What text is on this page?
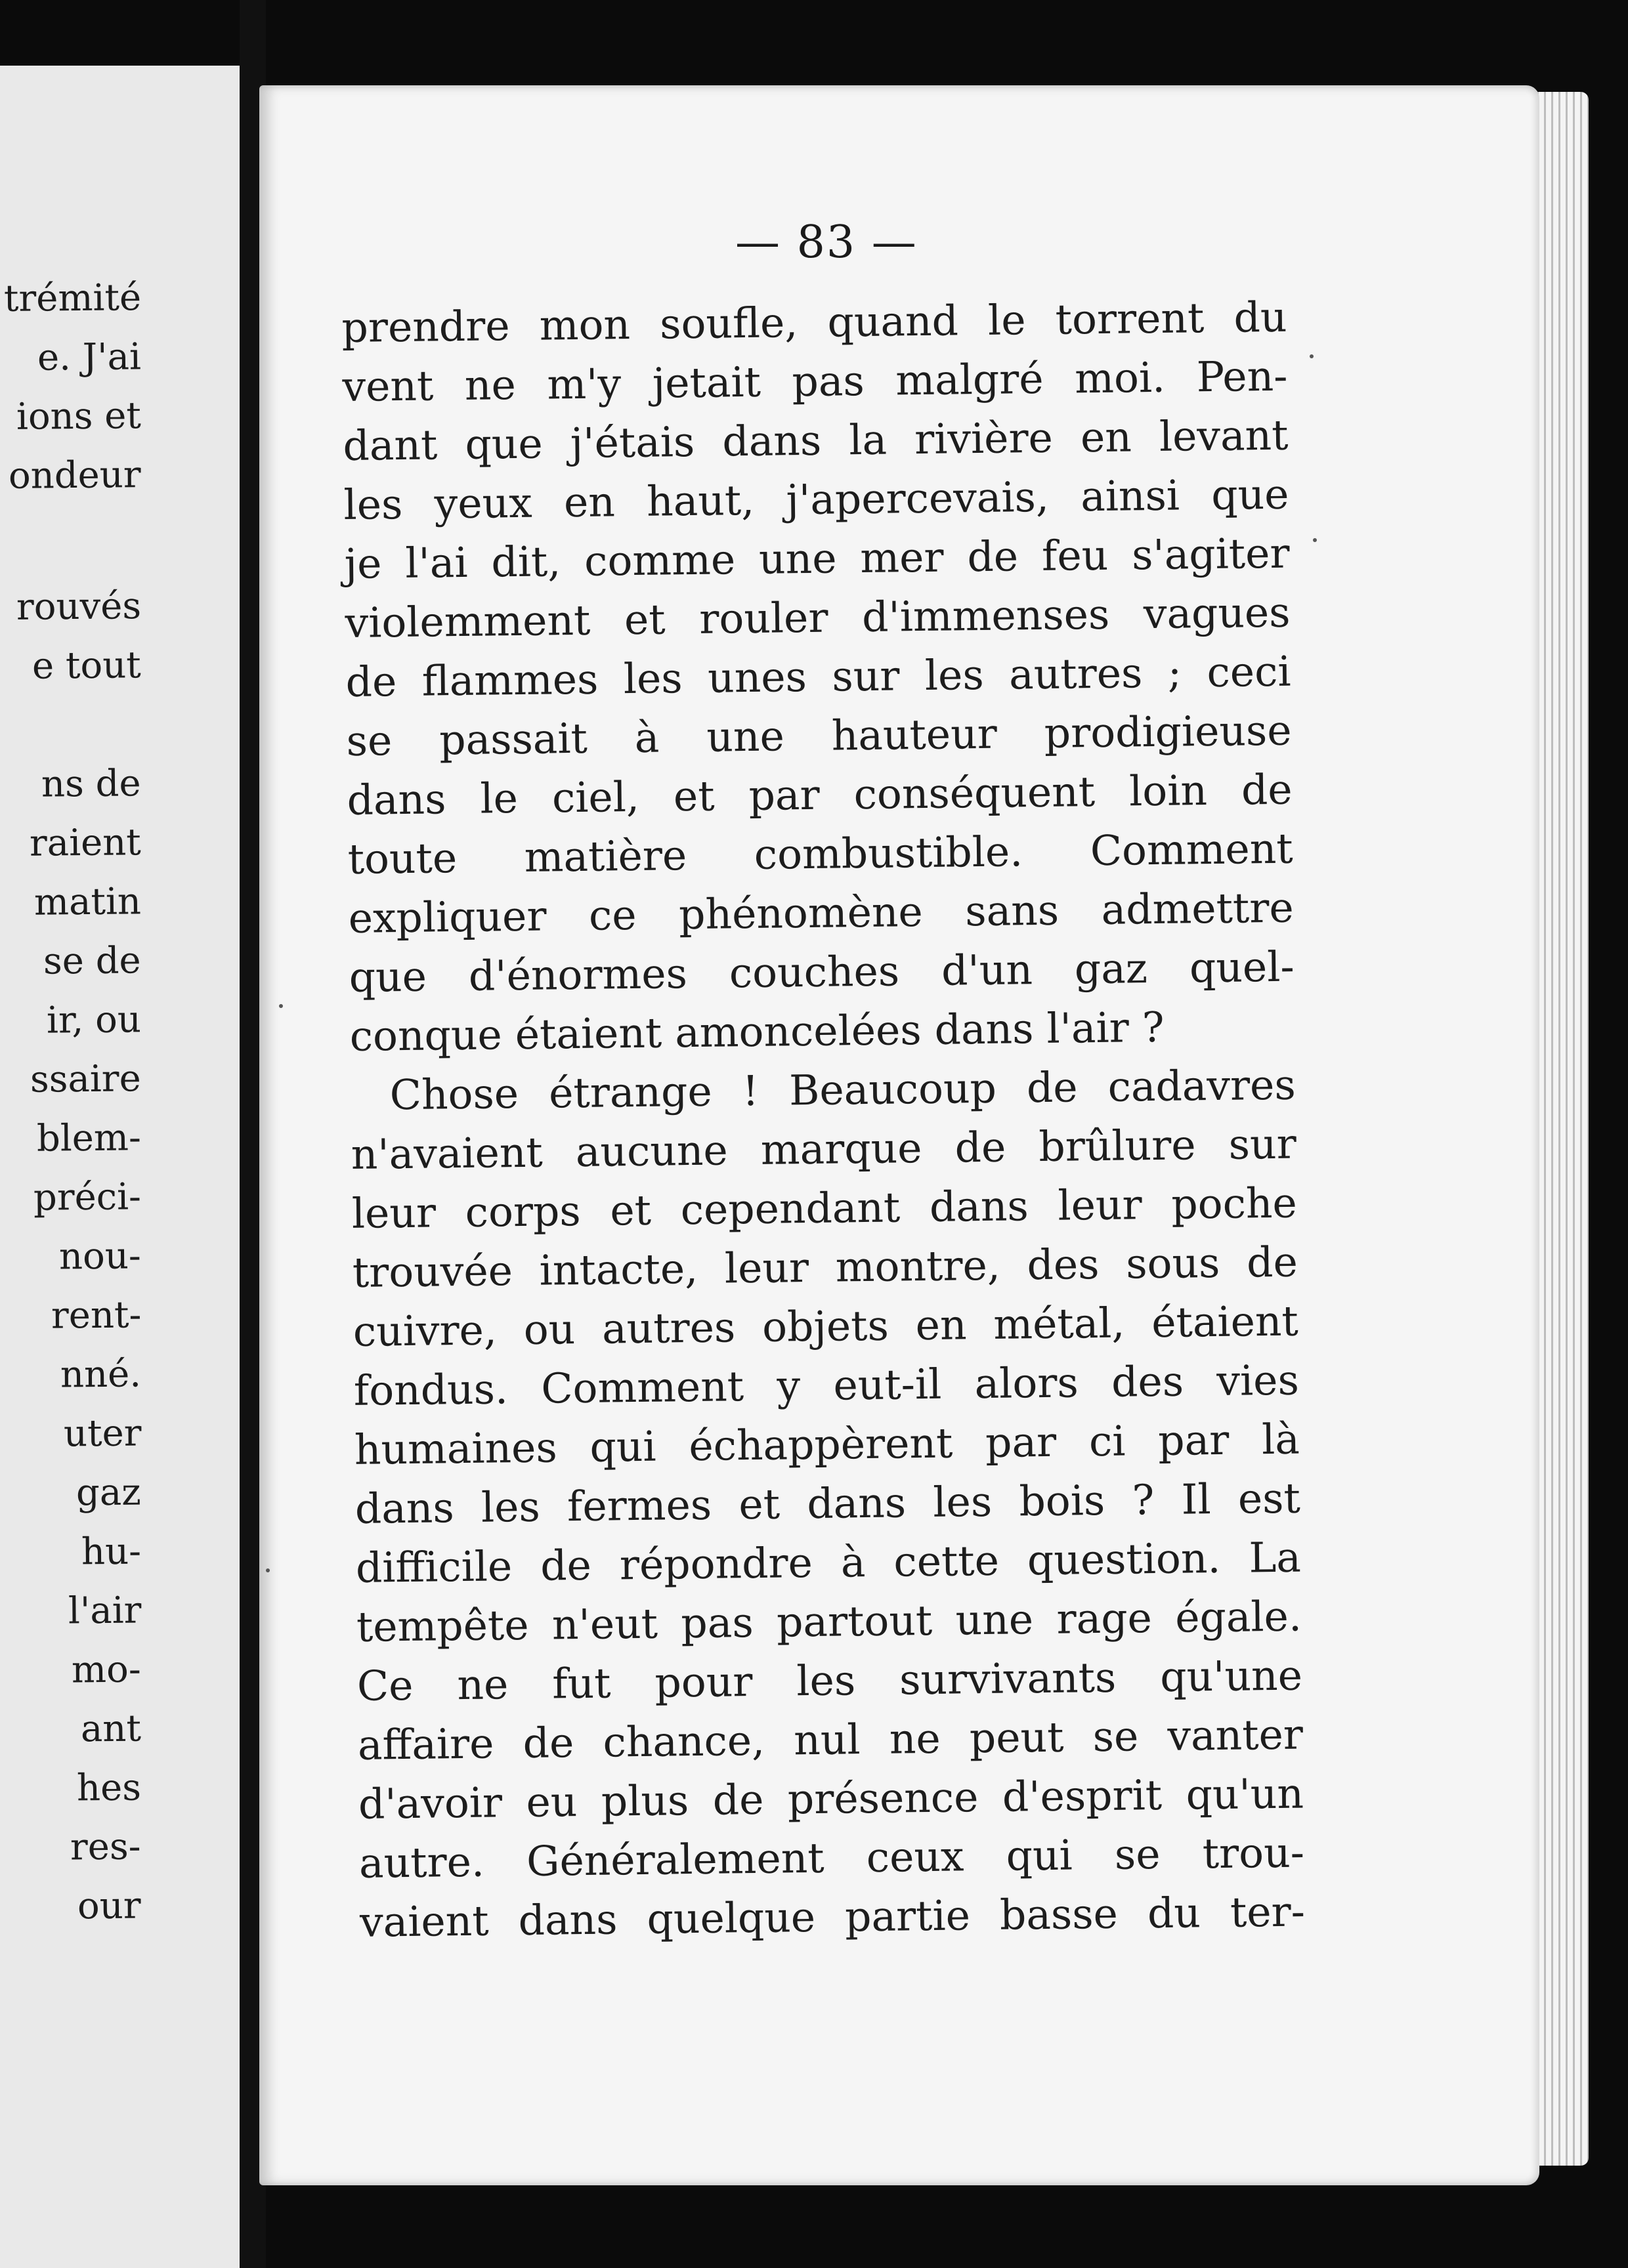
trémité
e. J'ai
ions et
ondeur
rouvés
e tout
ns de
raient
matin
se de
ir, ou
ssaire
blem-
préci-
nou-
rent-
nné.
uter
gaz
hu-
l'air
mo-
ant
hes
res-
our
— 83 —
prendre mon soufle, quand le torrent du
vent ne m'y jetait pas malgré moi. Pen-
dant que j'étais dans la rivière en levant
les yeux en haut, j'apercevais, ainsi que
je l'ai dit, comme une mer de feu s'agiter
violemment et rouler d'immenses vagues
de flammes les unes sur les autres ; ceci
se passait à une hauteur prodigieuse
dans le ciel, et par conséquent loin de
toute matière combustible. Comment
expliquer ce phénomène sans admettre
que d'énormes couches d'un gaz quel-
conque étaient amoncelées dans l'air ?
Chose étrange ! Beaucoup de cadavres
n'avaient aucune marque de brûlure sur
leur corps et cependant dans leur poche
trouvée intacte, leur montre, des sous de
cuivre, ou autres objets en métal, étaient
fondus. Comment y eut-il alors des vies
humaines qui échappèrent par ci par là
dans les fermes et dans les bois ? Il est
difficile de répondre à cette question. La
tempête n'eut pas partout une rage égale.
Ce ne fut pour les survivants qu'une
affaire de chance, nul ne peut se vanter
d'avoir eu plus de présence d'esprit qu'un
autre. Généralement ceux qui se trou-
vaient dans quelque partie basse du ter-
